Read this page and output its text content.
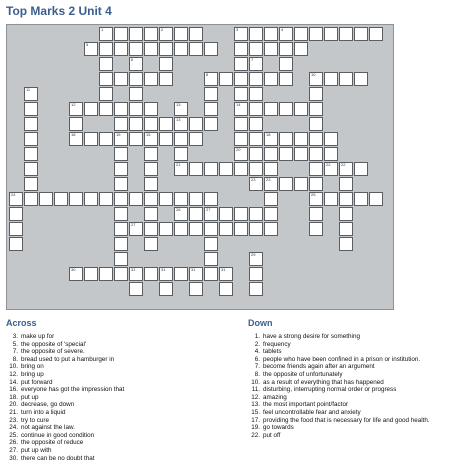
Top Marks 2 Unit 4
1	2	3	4
5
8	10
12	14
13
16	15	15	18
20
21	22	22
23	23
24	25
26	27
27
30	31	31	31
6	7
11
13
29
31
Across
3. make up for
5. the opposite of 'special'
7. the opposite of severe.
8. bread used to put a hamburger in
10. bring on
12. bring up
14. put forward
16. everyone has got the impression that
18. put up
20. decrease, go down
21. turn into a liquid
23. try to cure
24. not against the law.
25. continue in good condition
26. the opposite of reduce
27. put up with
30. there can be no doubt that
Down
1. have a strong desire for something
2. frequency
4. tablets
6. people who have been confined in a prison or institution.
7. become friends again after an argument
8. the opposite of unfortunately
10. as a result of everything that has happened
11. disturbing, interrupting normal order or progress
12. amazing
13. the most important point/factor
15. feel uncontrollable fear and anxiety
17. providing the food that is necessary for life and good health.
19. go towards
22. put off
